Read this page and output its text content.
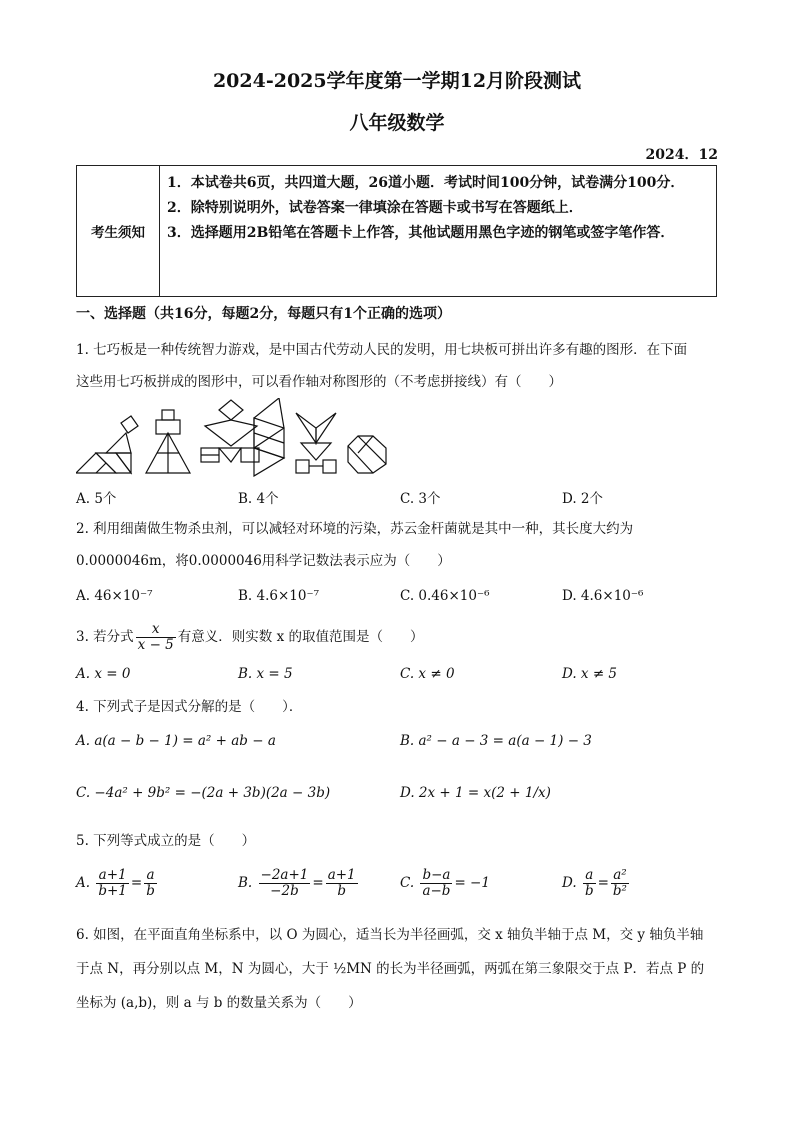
2024-2025学年度第一学期12月阶段测试
八年级数学
2024．12
考生须知
1．本试卷共6页，共四道大题，26道小题．考试时间100分钟，试卷满分100分．
2．除特别说明外，试卷答案一律填涂在答题卡或书写在答题纸上．
3．选择题用2B铅笔在答题卡上作答，其他试题用黑色字迹的钢笔或签字笔作答．
一、选择题（共16分，每题2分，每题只有1个正确的选项）
1. 七巧板是一种传统智力游戏，是中国古代劳动人民的发明，用七块板可拼出许多有趣的图形．在下面
这些用七巧板拼成的图形中，可以看作轴对称图形的（不考虑拼接线）有（　　）
A. 5个	B. 4个	C. 3个	D. 2个
2. 利用细菌做生物杀虫剂，可以减轻对环境的污染，苏云金杆菌就是其中一种，其长度大约为
0.0000046m，将0.0000046用科学记数法表示应为（　　）
A. 46×10⁻⁷	B. 4.6×10⁻⁷	C. 0.46×10⁻⁶	D. 4.6×10⁻⁶
3. 若分式 $\frac{x}{x - 5}$ 有意义．则实数 x 的取值范围是（　　）
A. x = 0	B. x = 5	C. x ≠ 0	D. x ≠ 5
4. 下列式子是因式分解的是（　　）．
A. a(a − b − 1) = a² + ab − a	B. a² − a − 3 = a(a − 1) − 3
C. −4a² + 9b² = −(2a + 3b)(2a − 3b)	D. 2x + 1 = x(2 + 1/x)
5. 下列等式成立的是（　　）
A. $\frac{a+1}{b+1} = \frac{a}{b}$	B. $\frac{-2a+1}{-2b} = \frac{a+1}{b}$	C. $\frac{b-a}{a-b} = -1$	D. $\frac{a}{b} = \frac{\text{a²}}{\text{b²}}$
6. 如图，在平面直角坐标系中，以 O 为圆心，适当长为半径画弧，交 x 轴负半轴于点 M，交 y 轴负半轴
于点 N，再分别以点 M，N 为圆心，大于 ½MN 的长为半径画弧，两弧在第三象限交于点 P．若点 P 的
坐标为 (a,b)，则 a 与 b 的数量关系为（　　）
